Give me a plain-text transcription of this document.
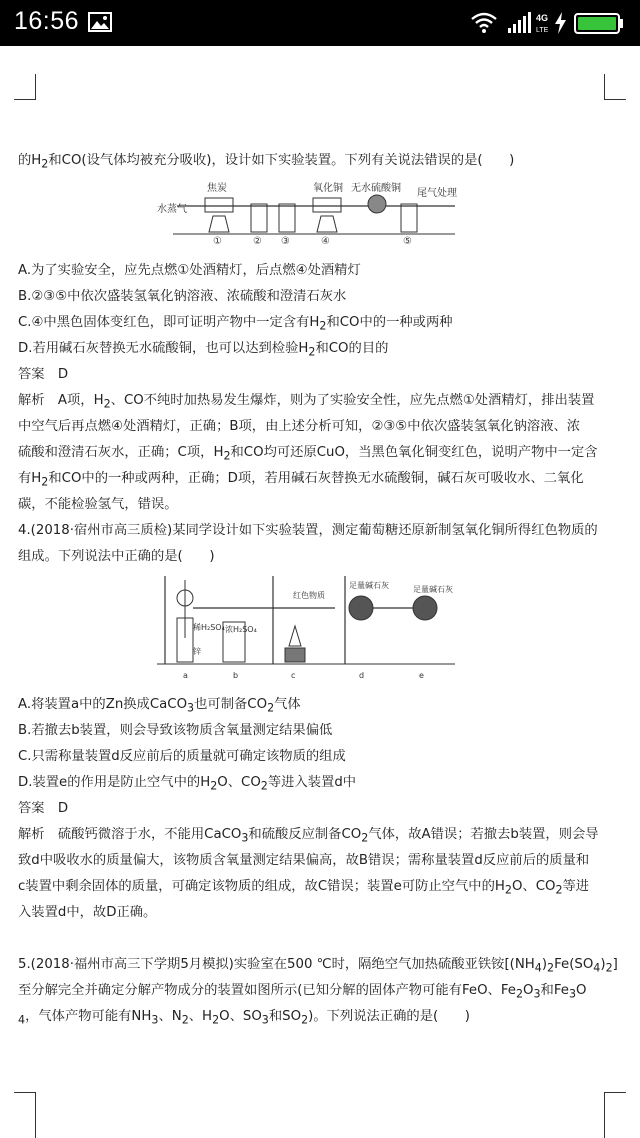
16:56	4G
LTE
的$H_2$和CO(设气体均被充分吸收)，设计如下实验装置。下列有关说法错误的是(　　)
A.为了实验安全，应先点燃①处酒精灯，后点燃④处酒精灯
B.②③⑤中依次盛装氢氧化钠溶液、浓硫酸和澄清石灰水
C.④中黑色固体变红色，即可证明产物中一定含有$H_2$和CO中的一种或两种
D.若用碱石灰替换无水硫酸铜，也可以达到检验$H_2$和CO的目的
答案　D
解析　A项，$H_2$、CO不纯时加热易发生爆炸，则为了实验安全性，应先点燃①处酒精灯，排出装置
中空气后再点燃④处酒精灯，正确；B项，由上述分析可知，②③⑤中依次盛装氢氧化钠溶液、浓
硫酸和澄清石灰水，正确；C项，$H_2$和CO均可还原CuO，当黑色氧化铜变红色，说明产物中一定含
有$H_2$和CO中的一种或两种，正确；D项，若用碱石灰替换无水硫酸铜，碱石灰可吸收水、二氧化
碳，不能检验氢气，错误。
4.(2018·宿州市高三质检)某同学设计如下实验装置，测定葡萄糖还原新制氢氧化铜所得红色物质的
组成。下列说法中正确的是(　　)
A.将装置a中的Zn换成CaCO$_3$也可制备$CO_2$气体
B.若撤去b装置，则会导致该物质含氧量测定结果偏低
C.只需称量装置d反应前后的质量就可确定该物质的组成
D.装置e的作用是防止空气中的$H_2O$、$CO_2$等进入装置d中
答案　D
解析　硫酸钙微溶于水，不能用CaCO$_3$和硫酸反应制备$CO_2$气体，故A错误；若撤去b装置，则会导
致d中吸收水的质量偏大，该物质含氧量测定结果偏高，故B错误；需称量装置d反应前后的质量和
c装置中剩余固体的质量，可确定该物质的组成，故C错误；装置e可防止空气中的$H_2O$、$CO_2$等进
入装置d中，故D正确。
5.(2018·福州市高三下学期5月模拟)实验室在500 ℃时，隔绝空气加热硫酸亚铁铵$[(NH_4)_2Fe(SO_4)_2]$
至分解完全并确定分解产物成分的装置如图所示(已知分解的固体产物可能有FeO、$Fe_2O_3$和$Fe_3O$
$_4$，气体产物可能有$NH_3$、$N_2$、$H_2O$、$SO_3$和$SO_2$)。下列说法正确的是(　　)
水蒸气
焦炭	氧化铜 无水硫酸铜 尾气处理
①	② ③	④	⑤
稀H₂SO₄
锌
浓H₂SO₄
红色物质
足量碱石灰	足量碱石灰
a	b	c	d	e
